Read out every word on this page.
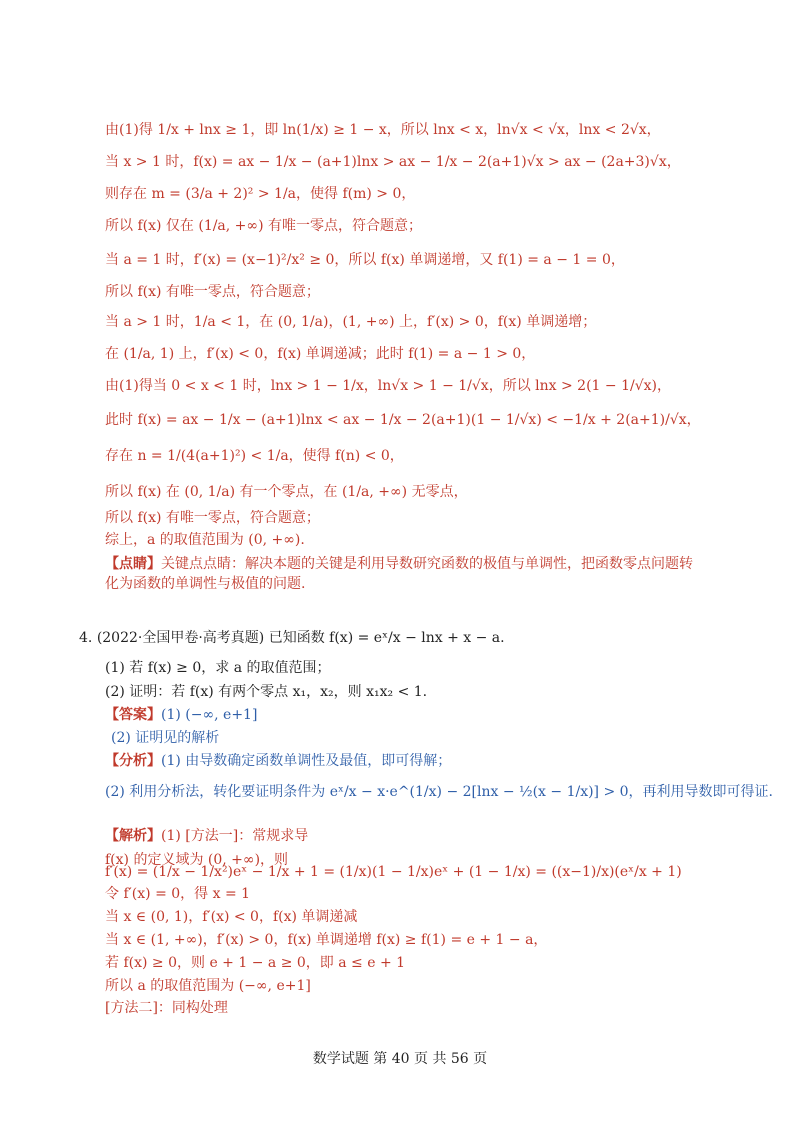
由(1)得 1/x + lnx ≥ 1，即 ln(1/x) ≥ 1 − x，所以 lnx < x，ln√x < √x，lnx < 2√x，
当 x > 1 时，f(x) = ax − 1/x − (a+1)lnx > ax − 1/x − 2(a+1)√x > ax − (2a+3)√x，
则存在 m = (3/a + 2)² > 1/a，使得 f(m) > 0，
所以 f(x) 仅在 (1/a, +∞) 有唯一零点，符合题意；
当 a = 1 时，f′(x) = (x−1)²/x² ≥ 0，所以 f(x) 单调递增，又 f(1) = a − 1 = 0，
所以 f(x) 有唯一零点，符合题意；
当 a > 1 时，1/a < 1，在 (0, 1/a)，(1, +∞) 上，f′(x) > 0，f(x) 单调递增；
在 (1/a, 1) 上，f′(x) < 0，f(x) 单调递减；此时 f(1) = a − 1 > 0，
由(1)得当 0 < x < 1 时，lnx > 1 − 1/x，ln√x > 1 − 1/√x，所以 lnx > 2(1 − 1/√x)，
此时 f(x) = ax − 1/x − (a+1)lnx < ax − 1/x − 2(a+1)(1 − 1/√x) < −1/x + 2(a+1)/√x，
存在 n = 1/(4(a+1)²) < 1/a，使得 f(n) < 0，
所以 f(x) 在 (0, 1/a) 有一个零点，在 (1/a, +∞) 无零点，
所以 f(x) 有唯一零点，符合题意；
综上，a 的取值范围为 (0, +∞).
【点睛】关键点点睛：解决本题的关键是利用导数研究函数的极值与单调性，把函数零点问题转化为函数的单调性与极值的问题.
4. (2022·全国甲卷·高考真题) 已知函数 f(x) = eˣ/x − lnx + x − a.
(1) 若 f(x) ≥ 0，求 a 的取值范围；
(2) 证明：若 f(x) 有两个零点 x₁，x₂，则 x₁x₂ < 1.
【答案】(1) (−∞, e+1]
(2) 证明见的解析
【分析】(1) 由导数确定函数单调性及最值，即可得解；
(2) 利用分析法，转化要证明条件为 eˣ/x − x·e^(1/x) − 2[lnx − ½(x − 1/x)] > 0，再利用导数即可得证.
【解析】(1) [方法一]：常规求导
f(x) 的定义域为 (0, +∞)，则
f′(x) = (1/x − 1/x²)eˣ − 1/x + 1 = (1/x)(1 − 1/x)eˣ + (1 − 1/x) = ((x−1)/x)(eˣ/x + 1)
令 f′(x) = 0，得 x = 1
当 x ∈ (0, 1)，f′(x) < 0，f(x) 单调递减
当 x ∈ (1, +∞)，f′(x) > 0，f(x) 单调递增 f(x) ≥ f(1) = e + 1 − a，
若 f(x) ≥ 0，则 e + 1 − a ≥ 0，即 a ≤ e + 1
所以 a 的取值范围为 (−∞, e+1]
[方法二]：同构处理
数学试题 第 40 页 共 56 页
